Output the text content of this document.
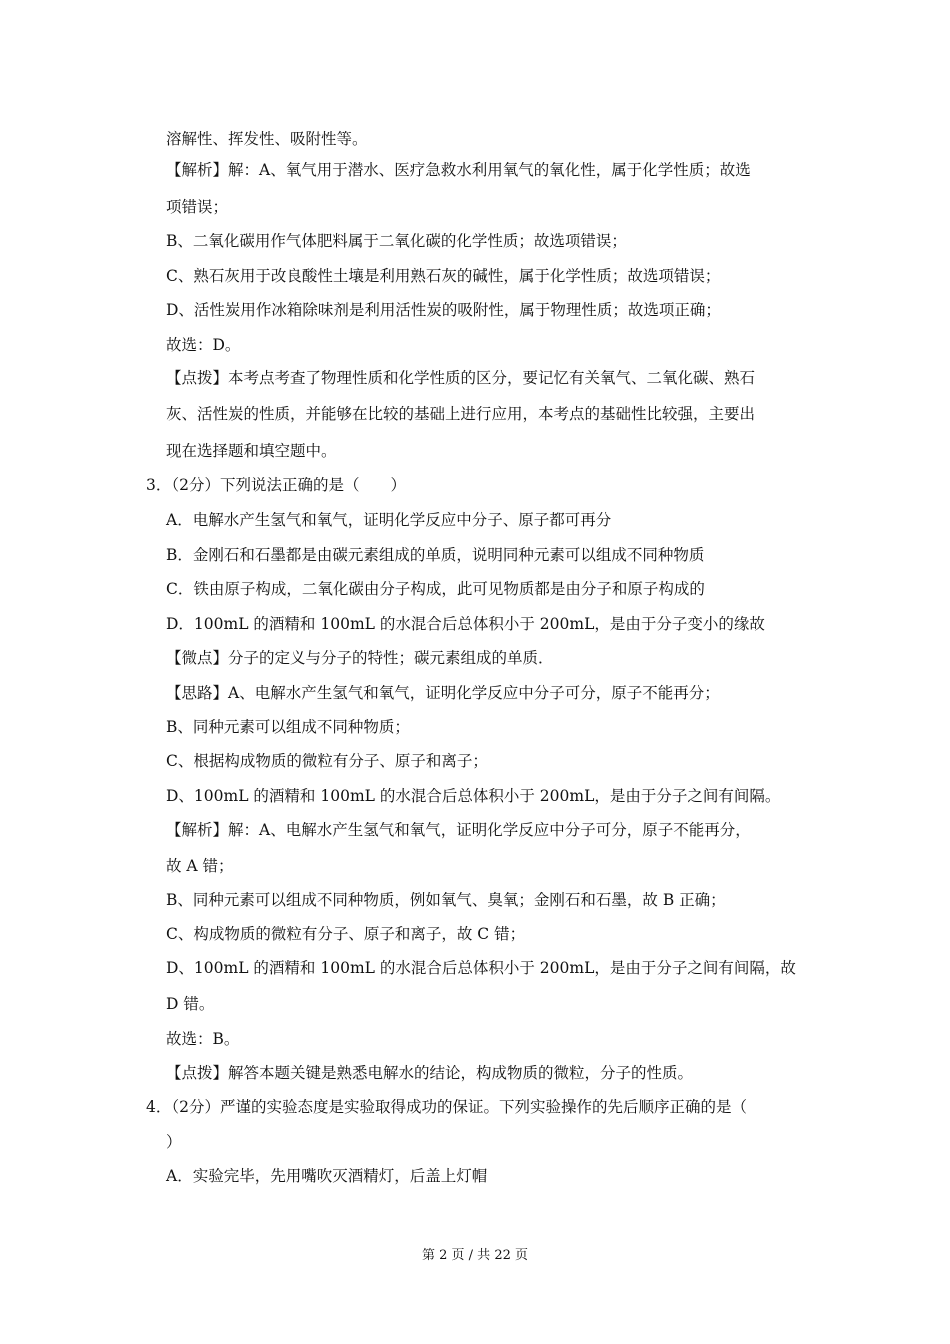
溶解性、挥发性、吸附性等。
【解析】解：A、氧气用于潜水、医疗急救水利用氧气的氧化性，属于化学性质；故选
项错误；
B、二氧化碳用作气体肥料属于二氧化碳的化学性质；故选项错误；
C、熟石灰用于改良酸性土壤是利用熟石灰的碱性，属于化学性质；故选项错误；
D、活性炭用作冰箱除味剂是利用活性炭的吸附性，属于物理性质；故选项正确；
故选：D。
【点拨】本考点考查了物理性质和化学性质的区分，要记忆有关氧气、二氧化碳、熟石
灰、活性炭的性质，并能够在比较的基础上进行应用，本考点的基础性比较强，主要出
现在选择题和填空题中。
3．（2分）下列说法正确的是（　　）
A．电解水产生氢气和氧气，证明化学反应中分子、原子都可再分
B．金刚石和石墨都是由碳元素组成的单质，说明同种元素可以组成不同种物质
C．铁由原子构成，二氧化碳由分子构成，此可见物质都是由分子和原子构成的
D．100mL 的酒精和 100mL 的水混合后总体积小于 200mL，是由于分子变小的缘故
【微点】分子的定义与分子的特性；碳元素组成的单质．
【思路】A、电解水产生氢气和氧气，证明化学反应中分子可分，原子不能再分；
B、同种元素可以组成不同种物质；
C、根据构成物质的微粒有分子、原子和离子；
D、100mL 的酒精和 100mL 的水混合后总体积小于 200mL，是由于分子之间有间隔。
【解析】解：A、电解水产生氢气和氧气，证明化学反应中分子可分，原子不能再分，
故 A 错；
B、同种元素可以组成不同种物质，例如氧气、臭氧；金刚石和石墨，故 B 正确；
C、构成物质的微粒有分子、原子和离子，故 C 错；
D、100mL 的酒精和 100mL 的水混合后总体积小于 200mL，是由于分子之间有间隔，故
D 错。
故选：B。
【点拨】解答本题关键是熟悉电解水的结论，构成物质的微粒，分子的性质。
4．（2分）严谨的实验态度是实验取得成功的保证。下列实验操作的先后顺序正确的是（
）
A．实验完毕，先用嘴吹灭酒精灯，后盖上灯帽
第 2 页 / 共 22 页
